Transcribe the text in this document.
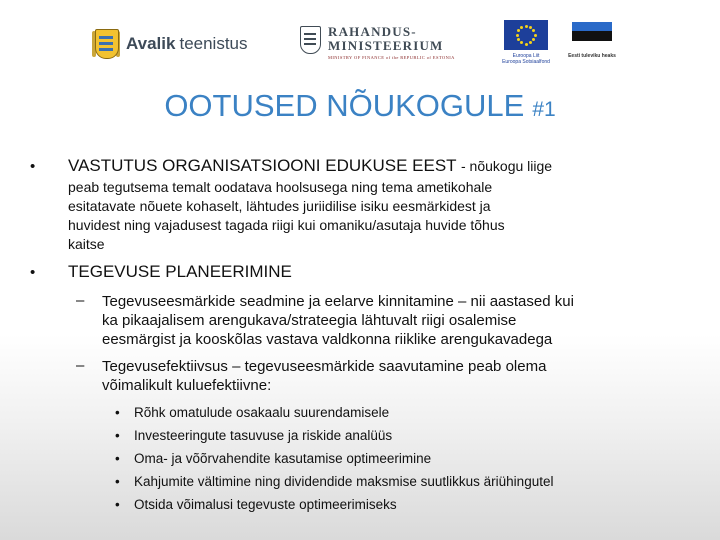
Avalik teenistus
RAHANDUS-
MINISTEERIUM
MINISTRY OF FINANCE of the REPUBLIC of ESTONIA	Euroopa Liit
Euroopa Sotsiaalfond
Eesti tuleviku heaks
OOTUSED NÕUKOGULE #1
• VASTUTUS ORGANISATSIOONI EDUKUSE EEST - nõukogu liige
peab tegutsema temalt oodatava hoolsusega ning tema ametikohale
esitatavate nõuete kohaselt, lähtudes juriidilise isiku eesmärkidest ja
huvidest ning vajadusest tagada riigi kui omaniku/asutaja huvide tõhus
kaitse
• TEGEVUSE PLANEERIMINE
– Tegevuseesmärkide seadmine ja eelarve kinnitamine – nii aastased kui
ka pikaajalisem arengukava/strateegia lähtuvalt riigi osalemise
eesmärgist ja kooskõlas vastava valdkonna riiklike arengukavadega
– Tegevusefektiivsus – tegevuseesmärkide saavutamine peab olema
võimalikult kuluefektiivne:
• Rõhk omatulude osakaalu suurendamisele
• Investeeringute tasuvuse ja riskide analüüs
• Oma- ja võõrvahendite kasutamise optimeerimine
• Kahjumite vältimine ning dividendide maksmise suutlikkus äriühingutel
• Otsida võimalusi tegevuste optimeerimiseks
